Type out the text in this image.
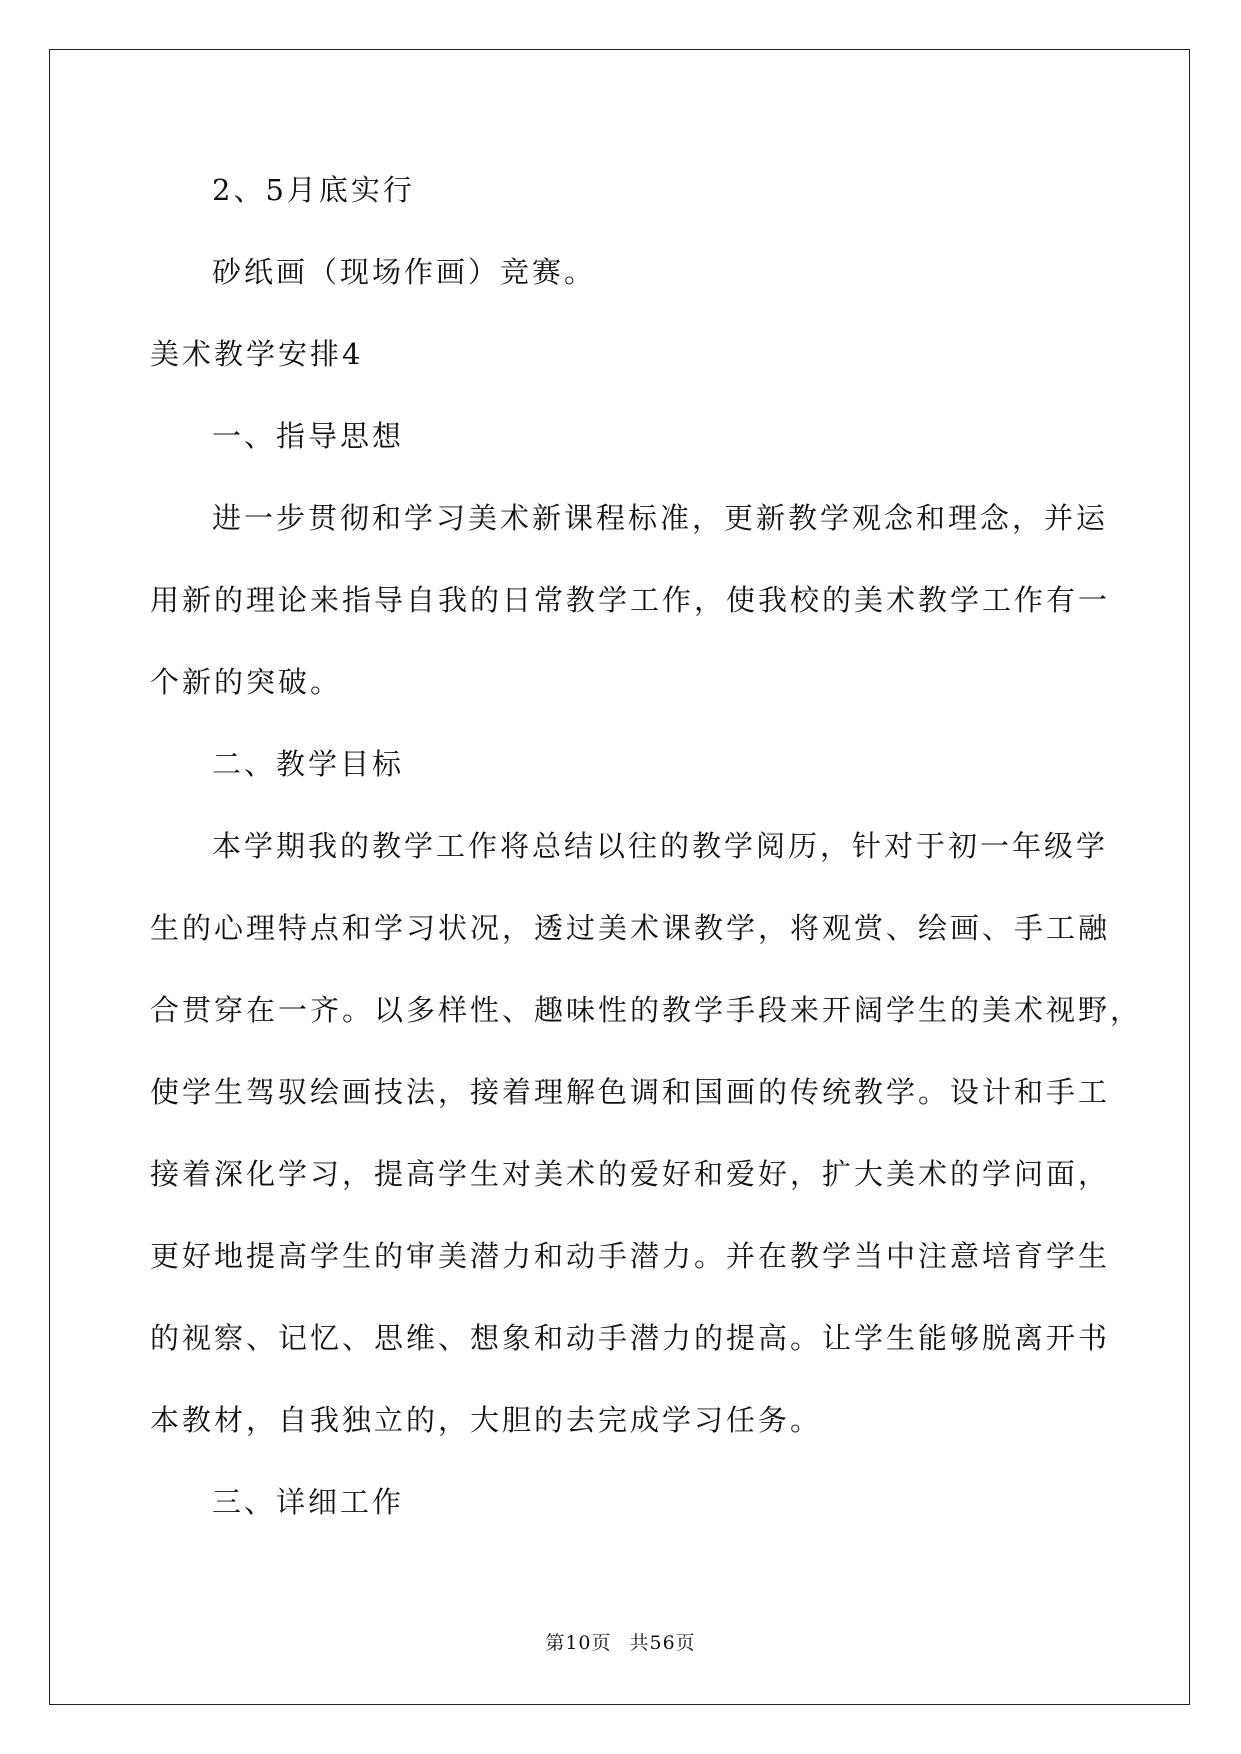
2、5月底实行
砂纸画（现场作画）竞赛。
美术教学安排4
一、指导思想
进一步贯彻和学习美术新课程标准，更新教学观念和理念，并运
用新的理论来指导自我的日常教学工作，使我校的美术教学工作有一
个新的突破。
二、教学目标
本学期我的教学工作将总结以往的教学阅历，针对于初一年级学
生的心理特点和学习状况，透过美术课教学，将观赏、绘画、手工融
合贯穿在一齐。以多样性、趣味性的教学手段来开阔学生的美术视野，
使学生驾驭绘画技法，接着理解色调和国画的传统教学。设计和手工
接着深化学习，提高学生对美术的爱好和爱好，扩大美术的学问面，
更好地提高学生的审美潜力和动手潜力。并在教学当中注意培育学生
的视察、记忆、思维、想象和动手潜力的提高。让学生能够脱离开书
本教材，自我独立的，大胆的去完成学习任务。
三、详细工作
第10页 共56页
